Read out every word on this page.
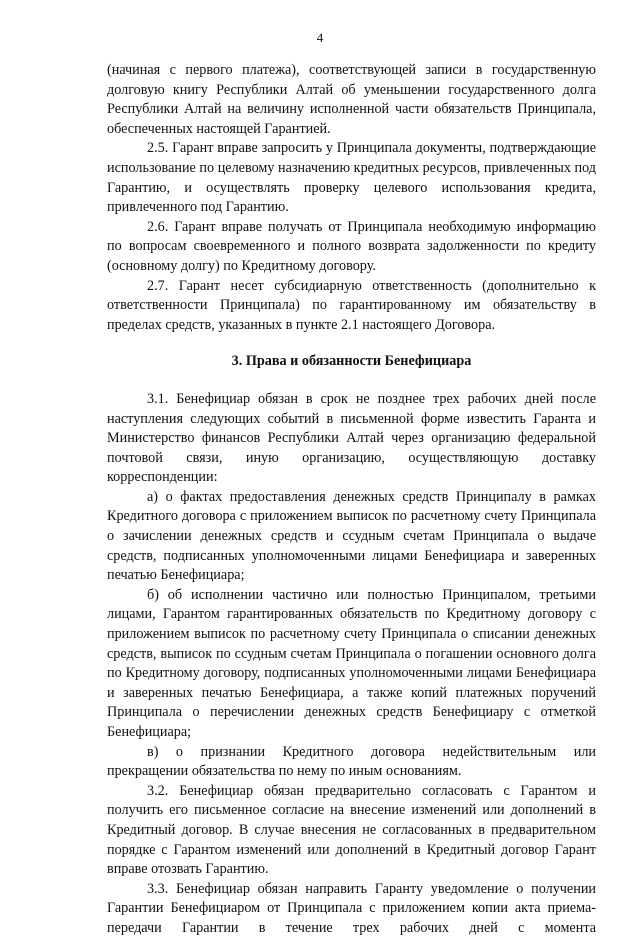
4

(начиная с первого платежа), соответствующей записи в государственную долговую книгу Республики Алтай об уменьшении государственного долга Республики Алтай на величину исполненной части обязательств Принципала, обеспеченных настоящей Гарантией.

2.5. Гарант вправе запросить у Принципала документы, подтверждающие использование по целевому назначению кредитных ресурсов, привлеченных под Гарантию, и осуществлять проверку целевого использования кредита, привлеченного под Гарантию.

2.6. Гарант вправе получать от Принципала необходимую информацию по вопросам своевременного и полного возврата задолженности по кредиту (основному долгу) по Кредитному договору.

2.7. Гарант несет субсидиарную ответственность (дополнительно к ответственности Принципала) по гарантированному им обязательству в пределах средств, указанных в пункте 2.1 настоящего Договора.

3. Права и обязанности Бенефициара

3.1. Бенефициар обязан в срок не позднее трех рабочих дней после наступления следующих событий в письменной форме известить Гаранта и Министерство финансов Республики Алтай через организацию федеральной почтовой связи, иную организацию, осуществляющую доставку корреспонденции:

а) о фактах предоставления денежных средств Принципалу в рамках Кредитного договора с приложением выписок по расчетному счету Принципала о зачислении денежных средств и ссудным счетам Принципала о выдаче средств, подписанных уполномоченными лицами Бенефициара и заверенных печатью Бенефициара;

б) об исполнении частично или полностью Принципалом, третьими лицами, Гарантом гарантированных обязательств по Кредитному договору с приложением выписок по расчетному счету Принципала о списании денежных средств, выписок по ссудным счетам Принципала о погашении основного долга по Кредитному договору, подписанных уполномоченными лицами Бенефициара и заверенных печатью Бенефициара, а также копий платежных поручений Принципала о перечислении денежных средств Бенефициару с отметкой Бенефициара;

в) о признании Кредитного договора недействительным или прекращении обязательства по нему по иным основаниям.

3.2. Бенефициар обязан предварительно согласовать с Гарантом и получить его письменное согласие на внесение изменений или дополнений в Кредитный договор. В случае внесения не согласованных в предварительном порядке с Гарантом изменений или дополнений в Кредитный договор Гарант вправе отозвать Гарантию.

3.3. Бенефициар обязан направить Гаранту уведомление о получении Гарантии Бенефициаром от Принципала с приложением копии акта приема-передачи Гарантии в течение трех рабочих дней с момента
